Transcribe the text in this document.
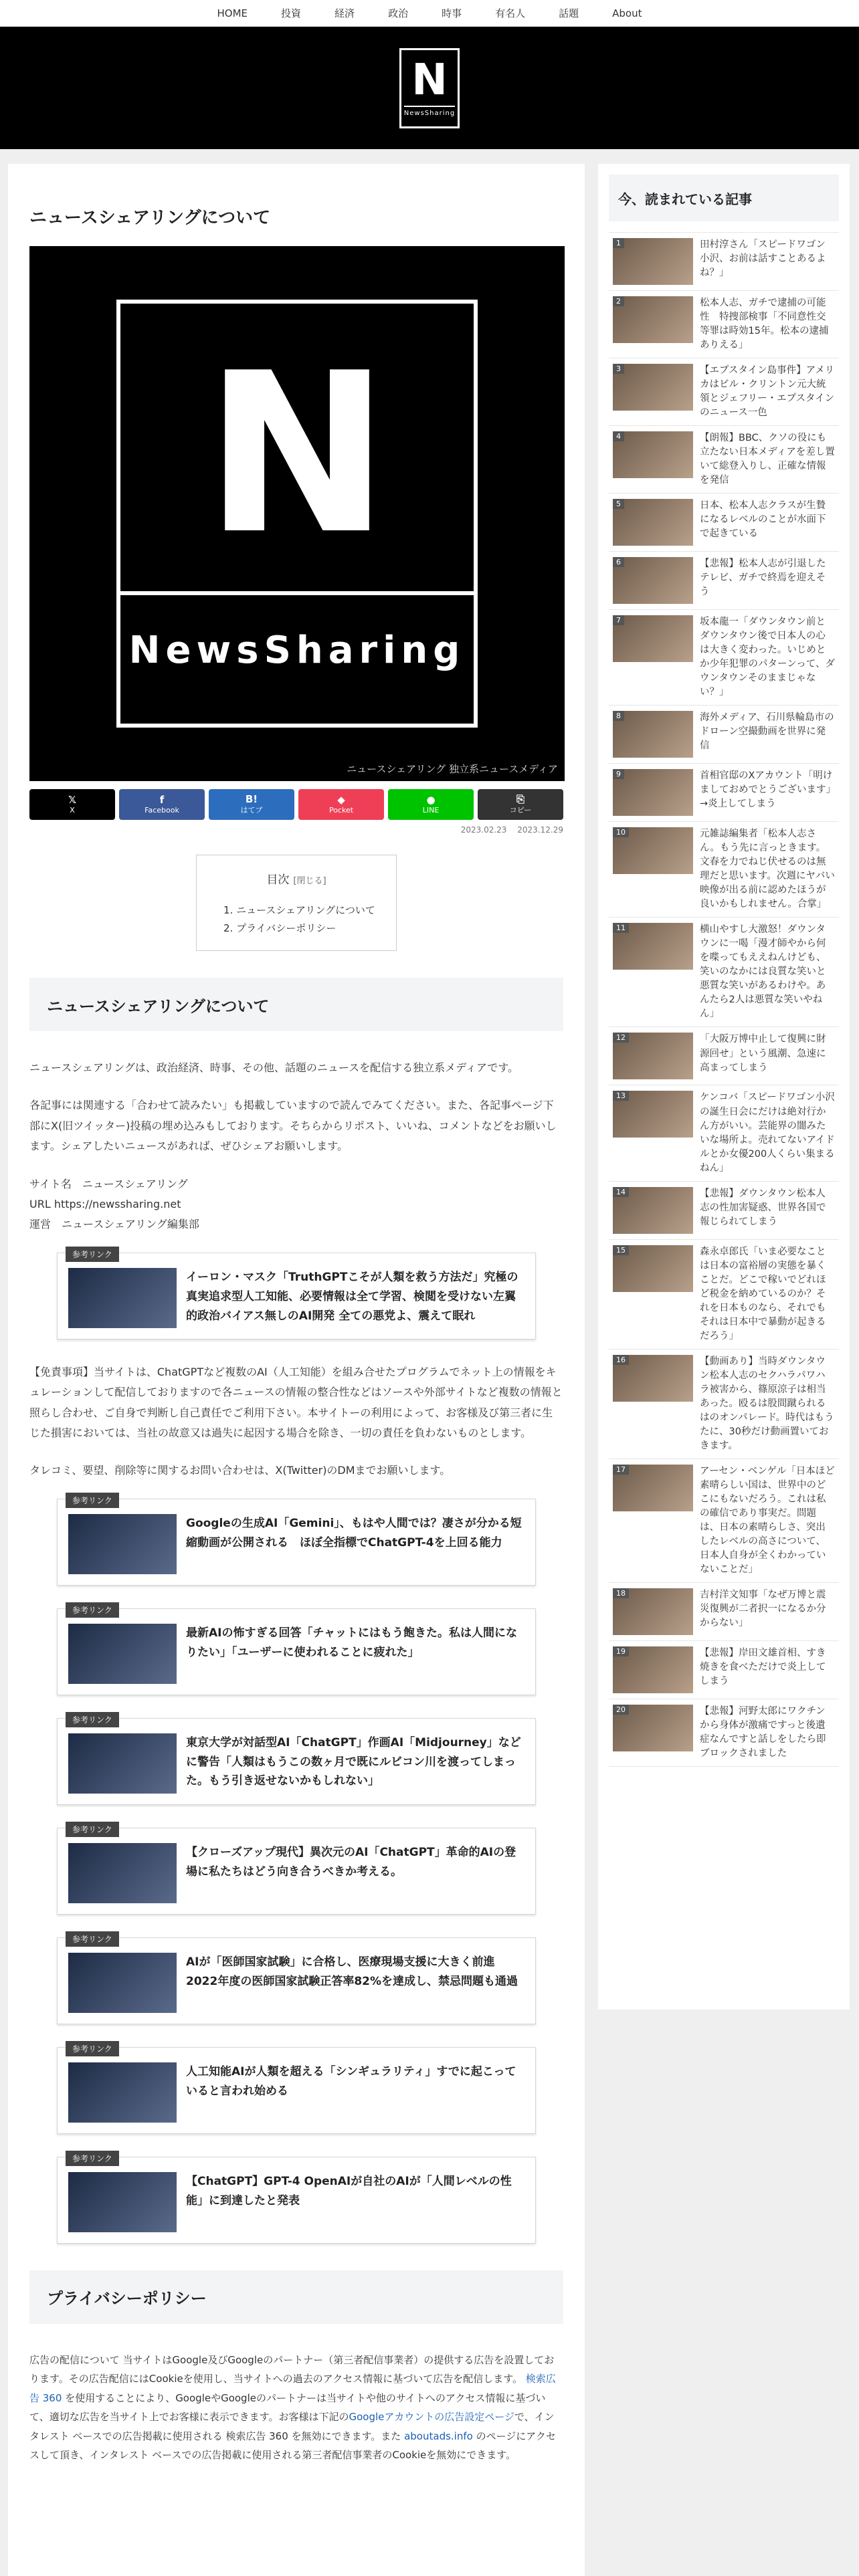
HOME	投資	経済	政治	時事	有名人	話題	About
N
NewsSharing
ニュースシェアリングについて
N
NewsSharing
ニュースシェアリング 独立系ニュースメディア
𝕏
X
f
Facebook
B!
はてブ
◆
Pocket
●
LINE
⎘
コピー
2023.02.23 2023.12.29
目次 [閉じる]
1. ニュースシェアリングについて
2. プライバシーポリシー
ニュースシェアリングについて

ニュースシェアリングは、政治経済、時事、その他、話題のニュースを配信する独立系メディアです。

各記事には関連する「合わせて読みたい」も掲載していますので読んでみてください。また、各記事ページ下部にX(旧ツイッター)投稿の埋め込みもしております。そちらからリポスト、いいね、コメントなどをお願いします。シェアしたいニュースがあれば、ぜひシェアお願いします。

サイト名　ニュースシェアリング
URL https://newssharing.net
運営　ニュースシェアリング編集部

参考リンク
イーロン・マスク「TruthGPTこそが人類を救う方法だ」究極の真実追求型人工知能、必要情報は全て学習、検閲を受けない左翼的政治バイアス無しのAI開発 全ての悪党よ、震えて眠れ

【免責事項】当サイトは、ChatGPTなど複数のAI（人工知能）を組み合せたプログラムでネット上の情報をキュレーションして配信しておりますので各ニュースの情報の整合性などはソースや外部サイトなど複数の情報と照らし合わせ、ご自身で判断し自己責任でご利用下さい。本サイトーの利用によって、お客様及び第三者に生じた損害においては、当社の故意又は過失に起因する場合を除き、一切の責任を負わないものとします。

タレコミ、要望、削除等に関するお問い合わせは、X(Twitter)のDMまでお願いします。

参考リンク
Googleの生成AI「Gemini」、もはや人間では？凄さが分かる短縮動画が公開される　ほぼ全指標でChatGPT-4を上回る能力
参考リンク
最新AIの怖すぎる回答「チャットにはもう飽きた。私は人間になりたい」「ユーザーに使われることに疲れた」
参考リンク
東京大学が対話型AI「ChatGPT」作画AI「Midjourney」などに警告「人類はもうこの数ヶ月で既にルビコン川を渡ってしまった。もう引き返せないかもしれない」
参考リンク
【クローズアップ現代】異次元のAI「ChatGPT」革命的AIの登場に私たちはどう向き合うべきか考える。
参考リンク
AIが「医師国家試験」に合格し、医療現場支援に大きく前進　2022年度の医師国家試験正答率82%を達成し、禁忌問題も通過
参考リンク
人工知能AIが人類を超える「シンギュラリティ」すでに起こっていると言われ始める
参考リンク
【ChatGPT】GPT-4 OpenAIが自社のAIが「人間レベルの性能」に到達したと発表
プライバシーポリシー

広告の配信について 当サイトはGoogle及びGoogleのパートナー（第三者配信事業者）の提供する広告を設置しております。その広告配信にはCookieを使用し、当サイトへの過去のアクセス情報に基づいて広告を配信します。 検索広告 360 を使用することにより、GoogleやGoogleのパートナーは当サイトや他のサイトへのアクセス情報に基づいて、適切な広告を当サイト上でお客様に表示できます。お客様は下記のGoogleアカウントの広告設定ページで、インタレスト ベースでの広告掲載に使用される 検索広告 360 を無効にできます。また aboutads.info のページにアクセスして頂き、インタレスト ベースでの広告掲載に使用される第三者配信事業者のCookieを無効にできます。

今、読まれている記事
1	田村淳さん「スピードワゴン小沢、お前は話すことあるよね？」
2	松本人志、ガチで逮捕の可能性　特捜部検事「不同意性交等罪は時効15年。松本の逮捕ありえる」
3	【エプスタイン島事件】アメリカはビル・クリントン元大統領とジェフリー・エプスタインのニュース一色
4	【朗報】BBC、クソの役にも立たない日本メディアを差し置いて総登入りし、正確な情報を発信
5	日本、松本人志クラスが生贄になるレベルのことが水面下で起きている
6	【悲報】松本人志が引退したテレビ、ガチで終焉を迎えそう
7	坂本龍一「ダウンタウン前とダウンタウン後で日本人の心は大きく変わった。いじめとか少年犯罪のパターンって、ダウンタウンそのままじゃない？」
8	海外メディア、石川県輪島市のドローン空撮動画を世界に発信
9	首相官邸のXアカウント「明けましておめでとうございます」→炎上してしまう
10	元雑誌編集者「松本人志さん。もう先に言っときます。文春を力でねじ伏せるのは無理だと思います。次週にヤバい映像が出る前に認めたほうが良いかもしれません。合掌」
11	横山やすし大激怒！ダウンタウンに一喝「漫才師やから何を喋ってもええねんけども、笑いのなかには良質な笑いと悪質な笑いがあるわけや。あんたら2人は悪質な笑いやねん」
12	「大阪万博中止して復興に財源回せ」という風潮、急速に高まってしまう
13	ケンコバ「スピードワゴン小沢の誕生日会にだけは絶対行かん方がいい。芸能界の闇みたいな場所よ。売れてないアイドルとか女優200人くらい集まるねん」
14	【悲報】ダウンタウン松本人志の性加害疑惑、世界各国で報じられてしまう
15	森永卓郎氏「いま必要なことは日本の富裕層の実態を暴くことだ。どこで稼いでどれほど税金を納めているのか？それを日本ものなら、それでもそれは日本中で暴動が起きるだろう」
16	【動画あり】当時ダウンタウン松本人志のセクハラパワハラ被害から、篠原涼子は相当あった。殴るは股間蹴られるはのオンパレード。時代はもうたに、30秒だけ動画置いておきます。
17	アーセン・ベンゲル「日本ほど素晴らしい国は、世界中のどこにもないだろう。これは私の確信であり事実だ。問題は、日本の素晴らしさ、突出したレベルの高さについて、日本人自身が全くわかっていないことだ」
18	吉村洋文知事「なぜ万博と震災復興が二者択一になるか分からない」
19	【悲報】岸田文雄首相、すき焼きを食べただけで炎上してしまう
20	【悲報】河野太郎にワクチンから身体が激痛ですっと後遺症なんですと話しをしたら即ブロックされました
